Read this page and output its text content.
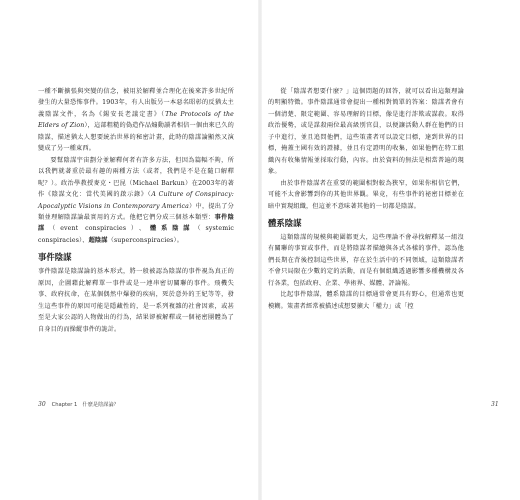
一種不斷擴張與突變的信念，被用於解釋並合理化在後來許多世紀所發生的大量恐怖事件。1903年，有人出版另一本惡名昭彰的反猶太主義陰謀文件，名為《錫安長老議定書》（The Protocols of the Elders of Zion），這部粗糙的偽造作品煽動讀者相信一個由來已久的陰謀，描述猶太人想要統治世界的秘密計畫，此時的陰謀論顯然又演變成了另一種東西。

要幫陰謀宇宙劃分並解釋何者有許多方法，但因為篇幅不夠，所以我們就著重於最有趣的兩種方法（或者，我們是不是在隨口解釋呢？）。政治學教授麥克・巴昆（Michael Barkun）在2003年的著作《陰謀文化：當代美國的啟示錄》（A Culture of Conspiracy: Apocalyptic Visions in Contemporary America）中，提出了分類並理解陰謀論最實用的方式。他把它們分成三個基本類型：事件陰謀（event conspiracies）、體系陰謀（systemic conspiracies）、超陰謀（superconspiracies）。

事件陰謀

事件陰謀是陰謀論的基本形式，將一般被認為陰謀的事件視為真正的原因，企圖藉此解釋單一事件或是一連串密切關聯的事件。飛機失事、政府抗命，在某個偶然中爆發的疾病，死於意外的王妃等等，發生這些事件的原因可能是隱藏性的，是一系列複雜的社會因素，或甚至是大家公認的人物做出的行為，結果卻被解釋或一個祕密團體為了自身目的而操縱事件的詭計。

30 Chapter 1　什麼是陰謀論？

從「陰謀者想要什麼？」這個問題的回答，就可以看出這類理論的明顯特徵。事件陰謀通常會提出一種相對簡單的答案：陰謀者會有一個清楚、限定範圍、容易理解的目標，像是進行詐欺或謀殺。取得政治優勢，或是謀殺兩位最高級別官員，以便讓活動人群在他們的日子中進行，並且追問他們，這些策畫者可以設定目標，達到世界的目標，掩蓋主國有效的證據，並且有定證明的收集，如果他們在特工組織內有收集情報並採取行動，內容。由於資料的無法是相當普遍的現象。

由於事件陰謀者在重要的範圍相對較為狹窄，如果你相信它們，可能不太會影響到你的其他世界觀。畢竟，有些事件的祕密目標並在暗中實現組織，但這並不意味著其他的一切都是陰謀。

體系陰謀

這類陰謀的規模與範圍都更大，這些理論不會尋找解釋某一組沒有關聯的事實或事件，而是將陰謀者描繪與各式各樣的事件，認為他們長期在背後控制這些世界，存在於生活中的不同領域，這類陰謀者不會只局限在少數的定的活動，而是有個組織透過影響多種機構及各行各業，包括政府、企業、學術界、媒體、評論報。

比起事件陰謀，體系陰謀的目標通常會更具有野心，但通常也更模糊。策畫者經常被描述成想要擴大「權力」或「控

31
